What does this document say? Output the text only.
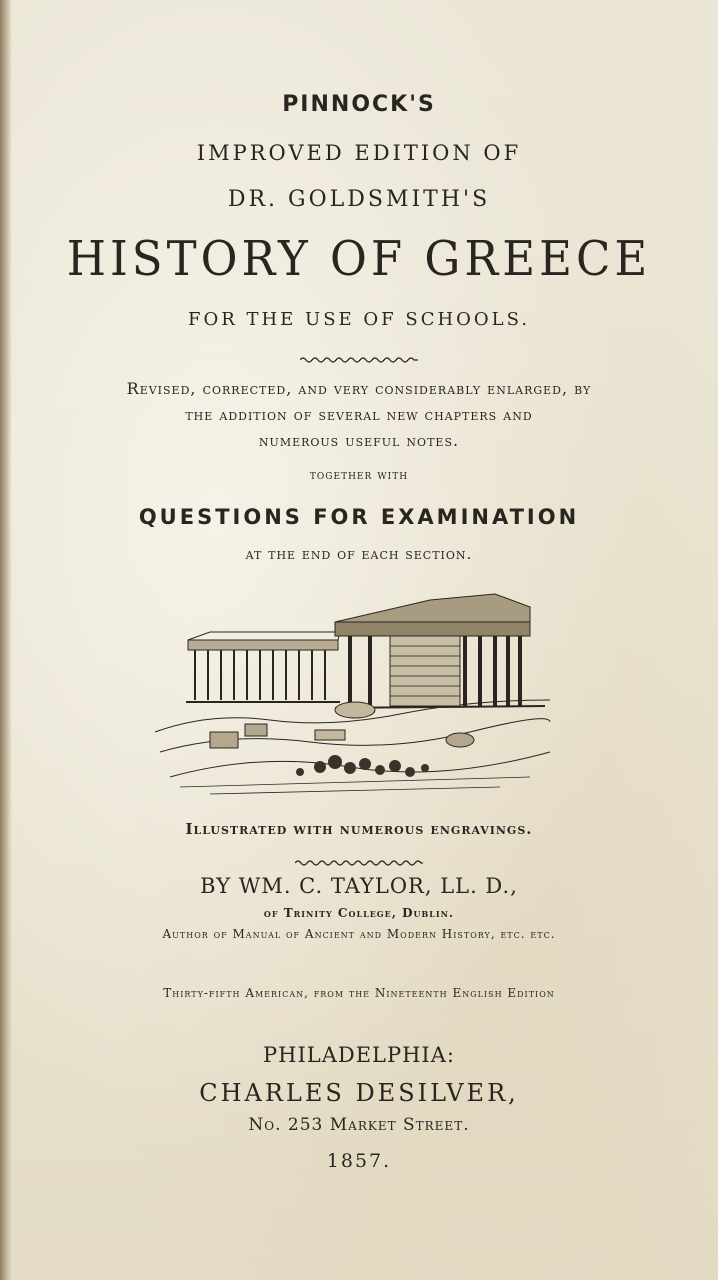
PINNOCK'S
IMPROVED EDITION OF
DR. GOLDSMITH'S
HISTORY OF GREECE
FOR THE USE OF SCHOOLS.
Revised, corrected, and very considerably enlarged, by
the addition of several new chapters and
numerous useful notes.
together with
QUESTIONS FOR EXAMINATION
at the end of each section.
Illustrated with numerous engravings.
BY WM. C. TAYLOR, LL. D.,
of Trinity College, Dublin.
Author of Manual of Ancient and Modern History, etc. etc.
Thirty-fifth American, from the Nineteenth English Edition
PHILADELPHIA:
CHARLES DESILVER,
No. 253 Market Street.
1857.
